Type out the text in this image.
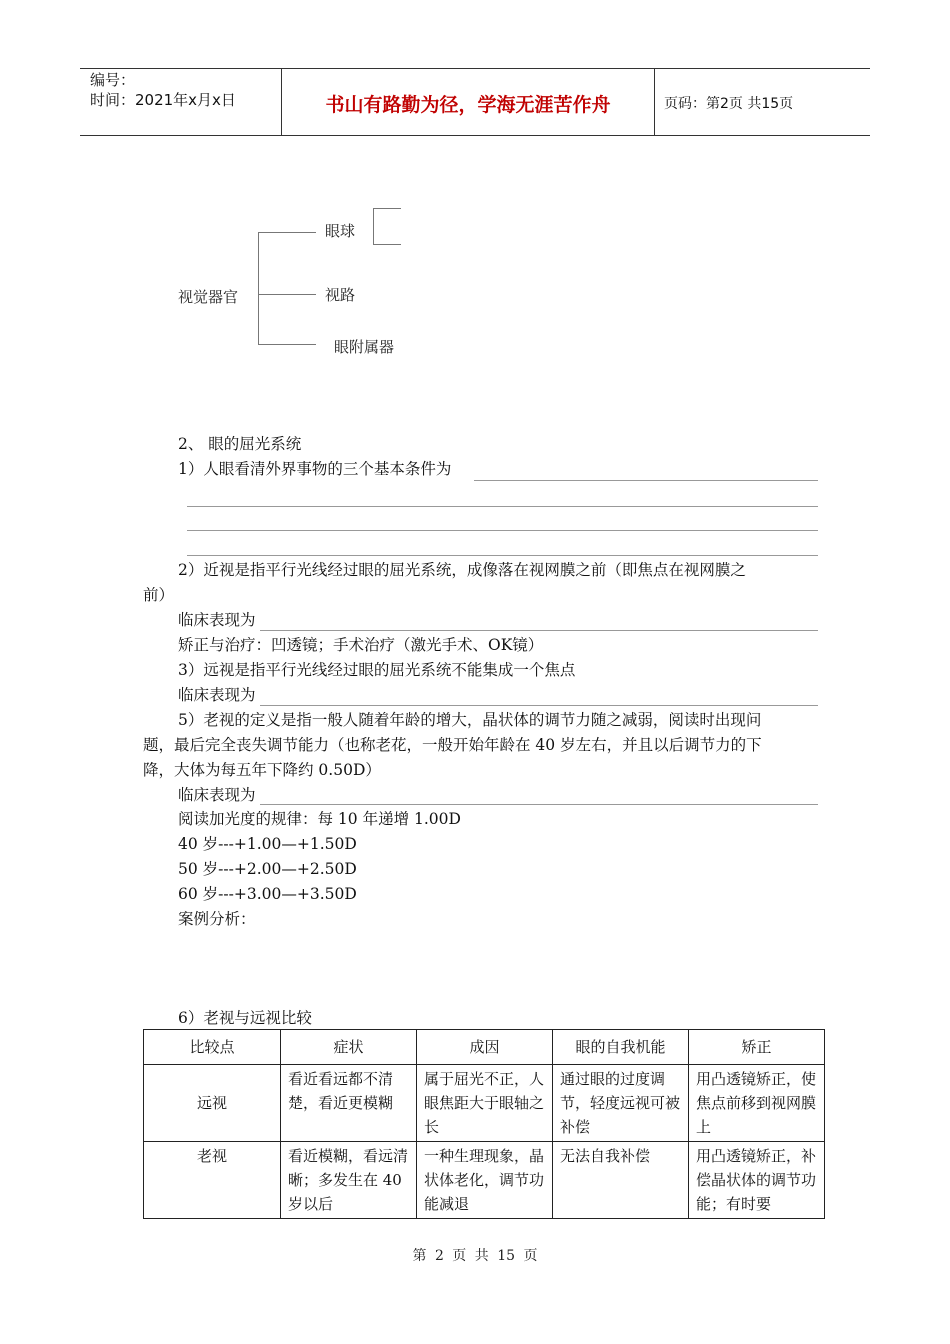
编号：
时间：2021年x月x日	书山有路勤为径，学海无涯苦作舟	页码：第2页 共15页
视觉器官
眼球
视路
眼附属器
2、 眼的屈光系统
1）人眼看清外界事物的三个基本条件为
2）近视是指平行光线经过眼的屈光系统，成像落在视网膜之前（即焦点在视网膜之
前）
临床表现为
矫正与治疗：凹透镜；手术治疗（激光手术、OK镜）
3）远视是指平行光线经过眼的屈光系统不能集成一个焦点
临床表现为
5）老视的定义是指一般人随着年龄的增大，晶状体的调节力随之减弱，阅读时出现问
题，最后完全丧失调节能力（也称老花，一般开始年龄在 40 岁左右，并且以后调节力的下
降，大体为每五年下降约 0.50D）
临床表现为
阅读加光度的规律：每 10 年递增 1.00D
40 岁---+1.00—+1.50D
50 岁---+2.00—+2.50D
60 岁---+3.00—+3.50D
案例分析：
6）老视与远视比较
比较点	症状	成因	眼的自我机能	矫正
远视	看近看远都不清楚，看近更模糊	属于屈光不正，人眼焦距大于眼轴之长	通过眼的过度调节，轻度远视可被补偿	用凸透镜矫正，使焦点前移到视网膜上
老视	看近模糊，看远清晰；多发生在 40 岁以后	一种生理现象，晶状体老化，调节功能减退	无法自我补偿	用凸透镜矫正，补偿晶状体的调节功能；有时要
第 2 页 共 15 页
